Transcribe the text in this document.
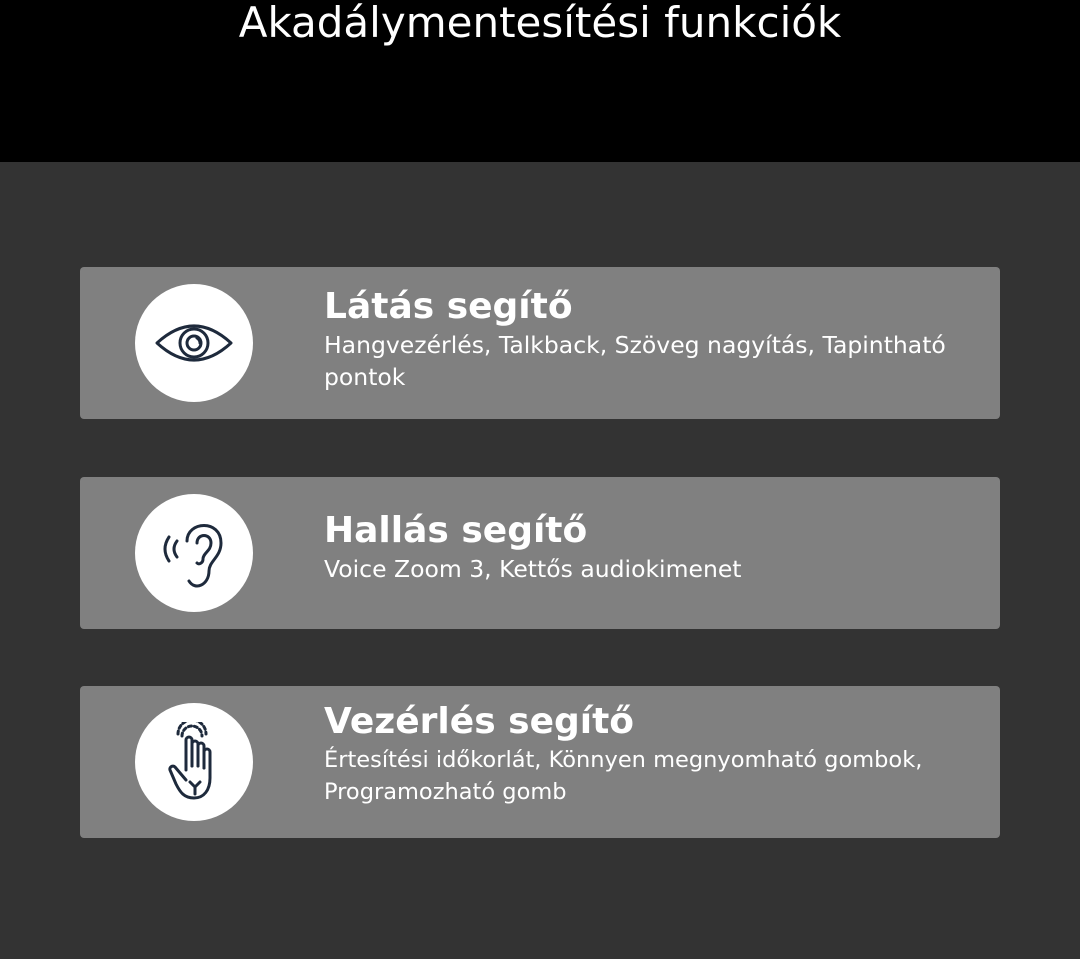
Akadálymentesítési funkciók
Látás segítő
Hangvezérlés, Talkback, Szöveg nagyítás, Tapintható pontok
Hallás segítő
Voice Zoom 3, Kettős audiokimenet
Vezérlés segítő
Értesítési időkorlát, Könnyen megnyomható gombok, Programozható gomb
